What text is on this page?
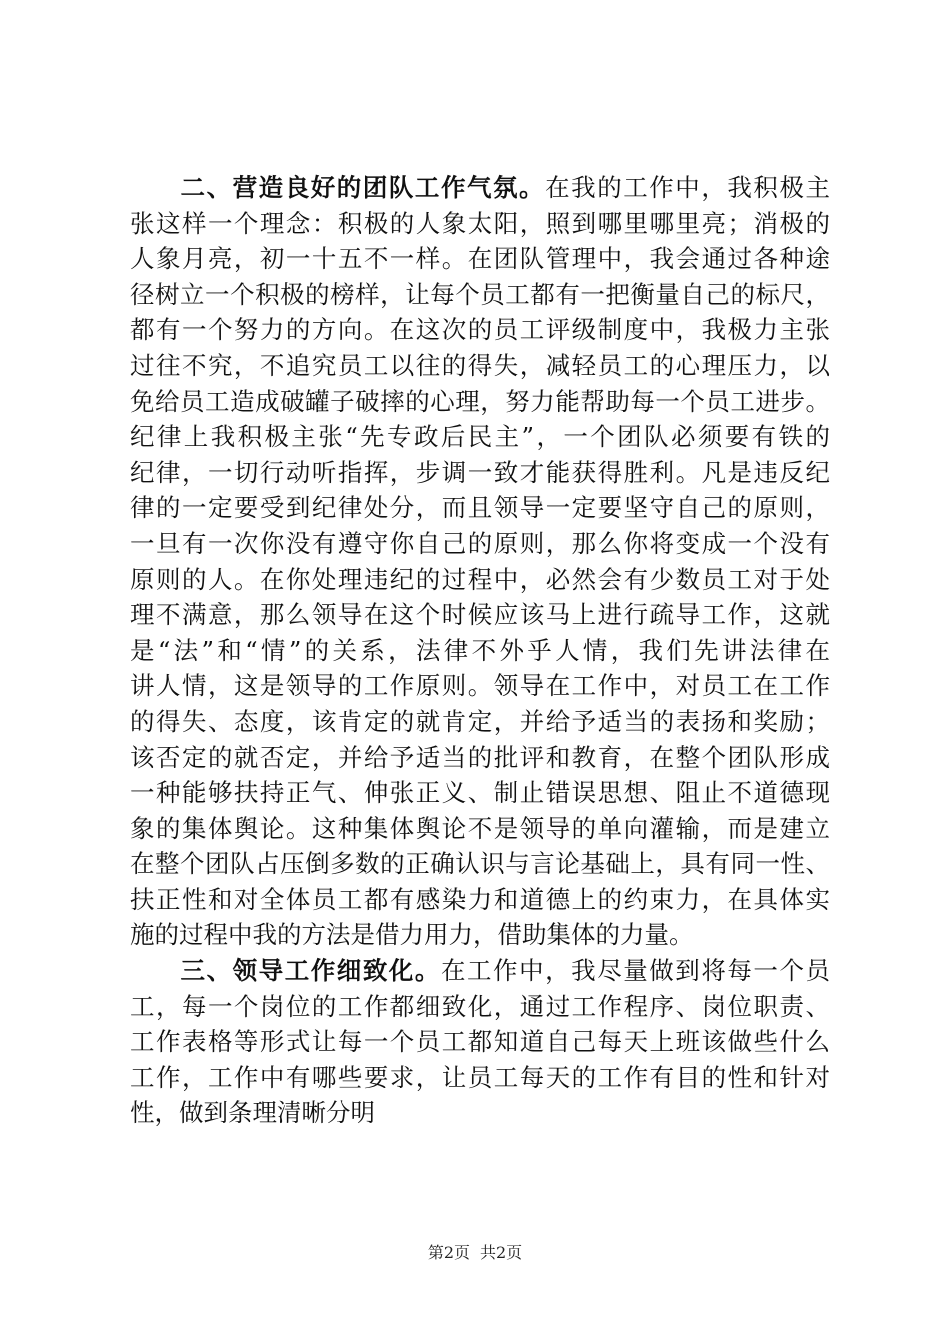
二、营造良好的团队工作气氛。在我的工作中，我积极主
张这样一个理念：积极的人象太阳，照到哪里哪里亮；消极的
人象月亮，初一十五不一样。在团队管理中，我会通过各种途
径树立一个积极的榜样，让每个员工都有一把衡量自己的标尺，
都有一个努力的方向。在这次的员工评级制度中，我极力主张
过往不究，不追究员工以往的得失，减轻员工的心理压力，以
免给员工造成破罐子破摔的心理，努力能帮助每一个员工进步。
纪律上我积极主张“先专政后民主”，一个团队必须要有铁的
纪律，一切行动听指挥，步调一致才能获得胜利。凡是违反纪
律的一定要受到纪律处分，而且领导一定要坚守自己的原则，
一旦有一次你没有遵守你自己的原则，那么你将变成一个没有
原则的人。在你处理违纪的过程中，必然会有少数员工对于处
理不满意，那么领导在这个时候应该马上进行疏导工作，这就
是“法”和“情”的关系，法律不外乎人情，我们先讲法律在
讲人情，这是领导的工作原则。领导在工作中，对员工在工作
的得失、态度，该肯定的就肯定，并给予适当的表扬和奖励；
该否定的就否定，并给予适当的批评和教育，在整个团队形成
一种能够扶持正气、伸张正义、制止错误思想、阻止不道德现
象的集体舆论。这种集体舆论不是领导的单向灌输，而是建立
在整个团队占压倒多数的正确认识与言论基础上，具有同一性、
扶正性和对全体员工都有感染力和道德上的约束力，在具体实
施的过程中我的方法是借力用力，借助集体的力量。
三、领导工作细致化。在工作中，我尽量做到将每一个员
工，每一个岗位的工作都细致化，通过工作程序、岗位职责、
工作表格等形式让每一个员工都知道自己每天上班该做些什么
工作，工作中有哪些要求，让员工每天的工作有目的性和针对
性，做到条理清晰分明
第2页 共2页
